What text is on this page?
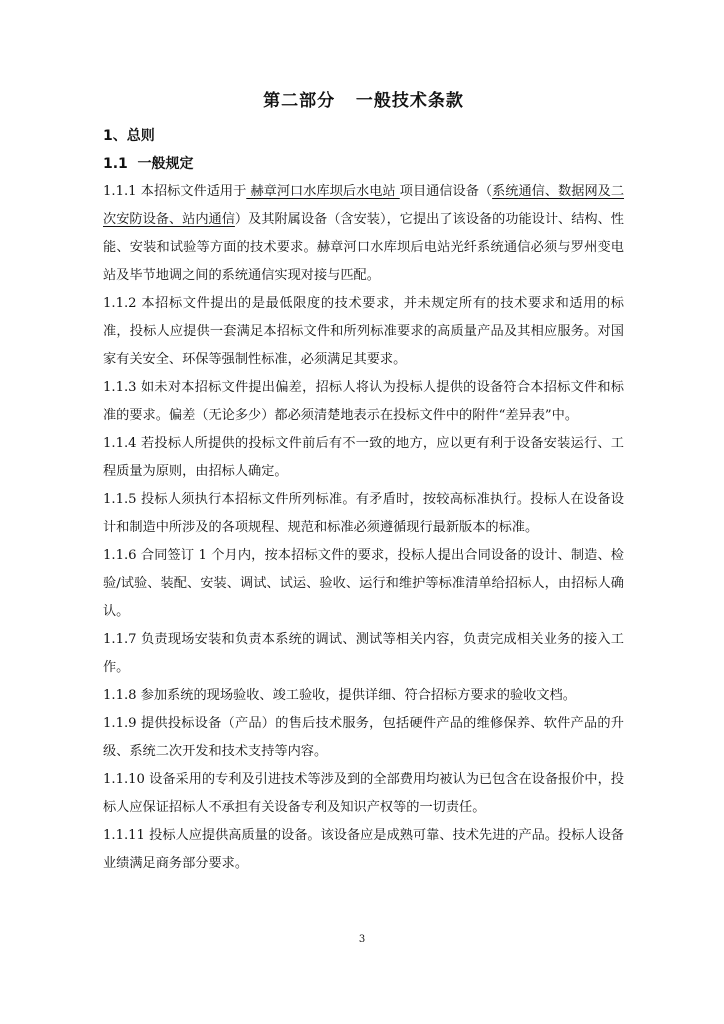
第二部分   一般技术条款
1、总则
1.1  一般规定

1.1.1 本招标文件适用于 赫章河口水库坝后水电站 项目通信设备（系统通信、数据网及二次安防设备、站内通信）及其附属设备（含安装），它提出了该设备的功能设计、结构、性能、安装和试验等方面的技术要求。赫章河口水库坝后电站光纤系统通信必须与罗州变电站及毕节地调之间的系统通信实现对接与匹配。

1.1.2 本招标文件提出的是最低限度的技术要求，并未规定所有的技术要求和适用的标准，投标人应提供一套满足本招标文件和所列标准要求的高质量产品及其相应服务。对国家有关安全、环保等强制性标准，必须满足其要求。

1.1.3 如未对本招标文件提出偏差，招标人将认为投标人提供的设备符合本招标文件和标准的要求。偏差（无论多少）都必须清楚地表示在投标文件中的附件“差异表”中。

1.1.4 若投标人所提供的投标文件前后有不一致的地方，应以更有利于设备安装运行、工程质量为原则，由招标人确定。

1.1.5 投标人须执行本招标文件所列标准。有矛盾时，按较高标准执行。投标人在设备设计和制造中所涉及的各项规程、规范和标准必须遵循现行最新版本的标准。

1.1.6 合同签订 1 个月内，按本招标文件的要求，投标人提出合同设备的设计、制造、检验/试验、装配、安装、调试、试运、验收、运行和维护等标准清单给招标人，由招标人确认。

1.1.7 负责现场安装和负责本系统的调试、测试等相关内容，负责完成相关业务的接入工作。

1.1.8 参加系统的现场验收、竣工验收，提供详细、符合招标方要求的验收文档。

1.1.9 提供投标设备（产品）的售后技术服务，包括硬件产品的维修保养、软件产品的升级、系统二次开发和技术支持等内容。

1.1.10 设备采用的专利及引进技术等涉及到的全部费用均被认为已包含在设备报价中，投标人应保证招标人不承担有关设备专利及知识产权等的一切责任。

1.1.11 投标人应提供高质量的设备。该设备应是成熟可靠、技术先进的产品。投标人设备业绩满足商务部分要求。

3
